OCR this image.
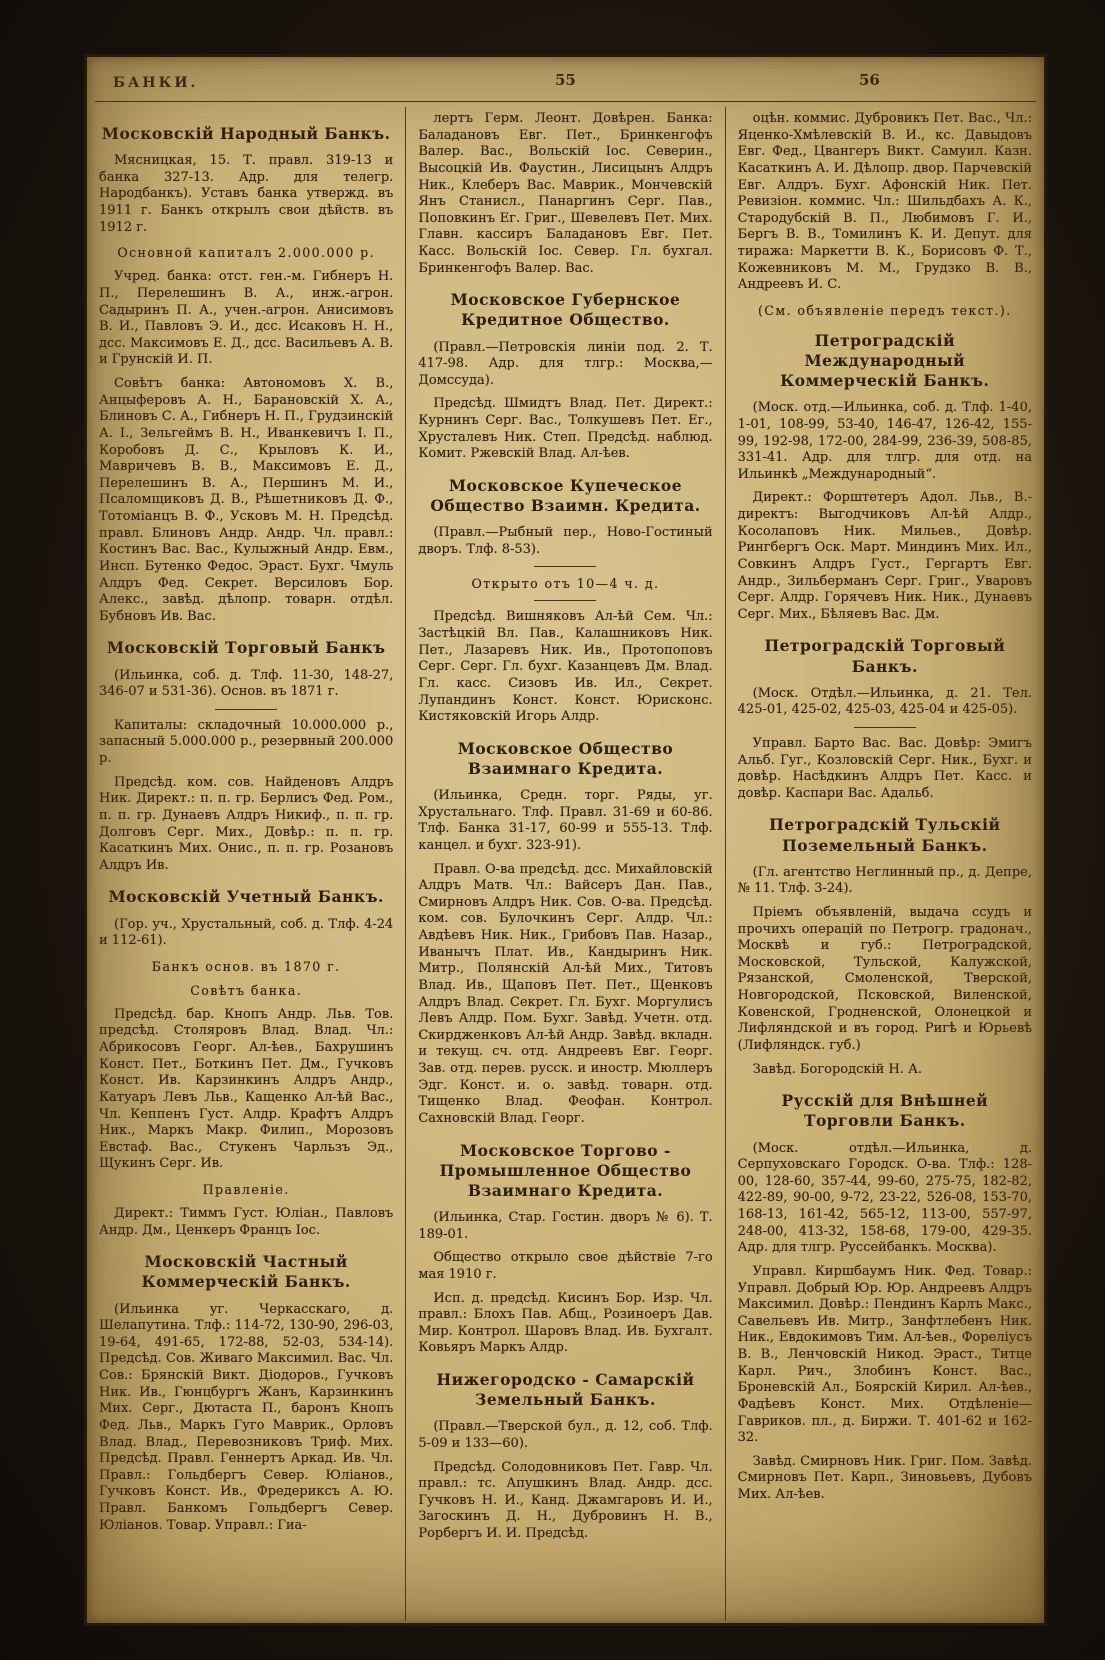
БАНКИ.	55	56
Московскій Народный Банкъ.
Мясницкая, 15. Т. правл. 319-13 и банка 327-13. Адр. для телегр. Народбанкъ). Уставъ банка утвержд. въ 1911 г. Банкъ открылъ свои дѣйств. въ 1912 г.
Основной капиталъ 2.000.000 р.
Учред. банка: отст. ген.-м. Гибнеръ Н. П., Перелешинъ В. А., инж.-агрон. Садыринъ П. А., учен.-агрон. Анисимовъ В. И., Павловъ Э. И., дсс. Исаковъ Н. Н., дсс. Максимовъ Е. Д., дсс. Васильевъ А. В. и Грунскій И. П.
Совѣтъ банка: Автономовъ Х. В., Анцыферовъ А. Н., Барановскій Х. А., Блиновъ С. А., Гибнеръ Н. П., Грудзинскій А. І., Зельгеймъ В. Н., Иванкевичъ І. П., Коробовъ Д. С., Крыловъ К. И., Мавричевъ В. В., Максимовъ Е. Д., Перелешинъ В. А., Першинъ М. И., Псаломщиковъ Д. В., Рѣшетниковъ Д. Ф., Тотоміанцъ В. Ф., Усковъ М. Н. Предсѣд. правл. Блиновъ Андр. Андр. Чл. правл.: Костинъ Вас. Вас., Кулыжный Андр. Евм., Инсп. Бутенко Федос. Эраст. Бухг. Чмуль Алдръ Фед. Секрет. Версиловъ Бор. Алекс., завѣд. дѣлопр. товарн. отдѣл. Бубновъ Ив. Вас.
Московскій Торговый Банкъ
(Ильинка, соб. д. Тлф. 11-30, 148-27, 346-07 и 531-36). Основ. въ 1871 г.
Капиталы: складочный 10.000.000 р., запасный 5.000.000 р., резервный 200.000 р.
Предсѣд. ком. сов. Найденовъ Алдръ Ник. Директ.: п. п. гр. Берлисъ Фед. Ром., п. п. гр. Дунаевъ Алдръ Никиф., п. п. гр. Долговъ Серг. Мих., Довѣр.: п. п. гр. Касаткинъ Мих. Онис., п. п. гр. Розановъ Алдръ Ив.
Московскій Учетный Банкъ.
(Гор. уч., Хрустальный, соб. д. Тлф. 4-24 и 112-61).
Банкъ основ. въ 1870 г.
Совѣтъ банка.
Предсѣд. бар. Кнопъ Андр. Льв. Тов. предсѣд. Столяровъ Влад. Влад. Чл.: Абрикосовъ Георг. Ал-ѣев., Бахрушинъ Конст. Пет., Боткинъ Пет. Дм., Гучковъ Конст. Ив. Карзинкинъ Алдръ Андр., Катуаръ Левъ Льв., Кащенко Ал-ѣй Вас., Чл. Кеппенъ Густ. Алдр. Крафтъ Алдръ Ник., Маркъ Макр. Филип., Морозовъ Евстаф. Вас., Стукенъ Чарльзъ Эд., Щукинъ Серг. Ив.
Правленіе.
Директ.: Тиммъ Густ. Юліан., Павловъ Андр. Дм., Ценкеръ Францъ Іос.
Московскій Частный Коммерческій Банкъ.
(Ильинка уг. Черкасскаго, д. Шелапутина. Тлф.: 114-72, 130-90, 296-03, 19-64, 491-65, 172-88, 52-03, 534-14). Предсѣд. Сов. Живаго Максимил. Вас. Чл. Сов.: Брянскій Викт. Діодоров., Гучковъ Ник. Ив., Гюнцбургъ Жанъ, Карзинкинъ Мих. Серг., Дютаста П., баронъ Кнопъ Фед. Льв., Маркъ Гуго Маврик., Орловъ Влад. Влад., Перевозниковъ Триф. Мих. Предсѣд. Правл. Геннертъ Аркад. Ив. Чл. Правл.: Гольдбергъ Север. Юліанов., Гучковъ Конст. Ив., Фредериксъ А. Ю. Правл. Банкомъ Гольдбергъ Север. Юліанов. Товар. Управл.: Гиа-
лертъ Герм. Леонт. Довѣрен. Банка: Баладановъ Евг. Пет., Бринкенгофъ Валер. Вас., Вольскій Іос. Северин., Высоцкій Ив. Фаустин., Лисицынъ Алдръ Ник., Клеберъ Вас. Маврик., Мончевскій Янъ Станисл., Панаргинъ Серг. Пав., Поповкинъ Ег. Григ., Шевелевъ Пет. Мих. Главн. кассиръ Баладановъ Евг. Пет. Касс. Вольскій Іос. Север. Гл. бухгал. Бринкенгофъ Валер. Вас.
Московское Губернское Кредитное Общество.
(Правл.—Петровскія линіи под. 2. Т. 417-98. Адр. для тлгр.: Москва,—Домссуда).
Предсѣд. Шмидтъ Влад. Пет. Директ.: Курнинъ Серг. Вас., Толкушевъ Пет. Ег., Хрусталевъ Ник. Степ. Предсѣд. наблюд. Комит. Ржевскій Влад. Ал-ѣев.
Московское Купеческое Общество Взаимн. Кредита.
(Правл.—Рыбный пер., Ново-Гостиный дворъ. Тлф. 8-53).
Открыто отъ 10—4 ч. д.
Предсѣд. Вишняковъ Ал-ѣй Сем. Чл.: Застѣцкій Вл. Пав., Калашниковъ Ник. Пет., Лазаревъ Ник. Ив., Протопоповъ Серг. Серг. Гл. бухг. Казанцевъ Дм. Влад. Гл. касс. Сизовъ Ив. Ил., Секрет. Лупандинъ Конст. Конст. Юрисконс. Кистяковскій Игорь Алдр.
Московское Общество Взаимнаго Кредита.
(Ильинка, Средн. торг. Ряды, уг. Хрустальнаго. Тлф. Правл. 31-69 и 60-86. Тлф. Банка 31-17, 60-99 и 555-13. Тлф. канцел. и бухг. 323-91).
Правл. О-ва предсѣд. дсс. Михайловскій Алдръ Матв. Чл.: Вайсеръ Дан. Пав., Смирновъ Алдръ Ник. Сов. О-ва. Предсѣд. ком. сов. Булочкинъ Серг. Алдр. Чл.: Авдѣевъ Ник. Ник., Грибовъ Пав. Назар., Иванычъ Плат. Ив., Кандыринъ Ник. Митр., Полянскій Ал-ѣй Мих., Титовъ Влад. Ив., Щаповъ Пет. Пет., Щенковъ Алдръ Влад. Секрет. Гл. Бухг. Моргулисъ Левъ Алдр. Пом. Бухг. Завѣд. Учетн. отд. Скирдженковъ Ал-ѣй Андр. Завѣд. вкладн. и текущ. сч. отд. Андреевъ Евг. Георг. Зав. отд. перев. русск. и иностр. Мюллеръ Эдг. Конст. и. о. завѣд. товарн. отд. Тищенко Влад. Феофан. Контрол. Сахновскій Влад. Георг.
Московское Торгово - Промышленное Общество Взаимнаго Кредита.
(Ильинка, Стар. Гостин. дворъ № 6). Т. 189-01.
Общество открыло свое дѣйствіе 7-го мая 1910 г.
Исп. д. предсѣд. Кисинъ Бор. Изр. Чл. правл.: Блохъ Пав. Абщ., Розиноеръ Дав. Мир. Контрол. Шаровъ Влад. Ив. Бухгалт. Ковьяръ Маркъ Алдр.
Нижегородско - Самарскій Земельный Банкъ.
(Правл.—Тверской бул., д. 12, соб. Тлф. 5-09 и 133—60).
Предсѣд. Солодовниковъ Пет. Гавр. Чл. правл.: тс. Апушкинъ Влад. Андр. дсс. Гучковъ Н. И., Канд. Джамгаровъ И. И., Загоскинъ Д. Н., Дубровинъ Н. В., Рорбергъ И. И. Предсѣд.
оцѣн. коммис. Дубровикъ Пет. Вас., Чл.: Яценко-Хмѣлевскій В. И., кс. Давыдовъ Евг. Фед., Цвангеръ Викт. Самуил. Казн. Касаткинъ А. И. Дѣлопр. двор. Парчевскій Евг. Алдръ. Бухг. Афонскій Ник. Пет. Ревизіон. коммис. Чл.: Шильдбахъ А. К., Стародубскій В. П., Любимовъ Г. И., Бергъ В. В., Томилинъ К. И. Депут. для тиража: Маркетти В. К., Борисовъ Ф. Т., Кожевниковъ М. М., Грудзко В. В., Андреевъ И. С.
(См. объявленіе передъ текст.).
Петроградскій Международный Коммерческій Банкъ.
(Моск. отд.—Ильинка, соб. д. Тлф. 1-40, 1-01, 108-99, 53-40, 146-47, 126-42, 155-99, 192-98, 172-00, 284-99, 236-39, 508-85, 331-41. Адр. для тлгр. для отд. на Ильинкѣ „Международный“.
Директ.: Форштетеръ Адол. Льв., В.-директъ: Выгодчиковъ Ал-ѣй Алдр., Косолаповъ Ник. Мильев., Довѣр. Рингбергъ Оск. Март. Миндинъ Мих. Ил., Совкинъ Алдръ Густ., Гергартъ Евг. Андр., Зильберманъ Серг. Григ., Уваровъ Серг. Алдр. Горячевъ Ник. Ник., Дунаевъ Серг. Мих., Бѣляевъ Вас. Дм.
Петроградскій Торговый Банкъ.
(Моск. Отдѣл.—Ильинка, д. 21. Тел. 425-01, 425-02, 425-03, 425-04 и 425-05).
Управл. Барто Вас. Вас. Довѣр: Эмигъ Альб. Гуг., Козловскій Серг. Ник., Бухг. и довѣр. Насѣдкинъ Алдръ Пет. Касс. и довѣр. Каспари Вас. Адальб.
Петроградскій Тульскій Поземельный Банкъ.
(Гл. агентство Неглинный пр., д. Депре, № 11. Тлф. 3-24).
Пріемъ объявленій, выдача ссудъ и прочихъ операцій по Петрогр. градонач., Москвѣ и губ.: Петроградской, Московской, Тульской, Калужской, Рязанской, Смоленской, Тверской, Новгородской, Псковской, Виленской, Ковенской, Гродненской, Олонецкой и Лифляндской и въ город. Ригѣ и Юрьевѣ (Лифляндск. губ.)
Завѣд. Богородскій Н. А.
Русскій для Внѣшней Торговли Банкъ.
(Моск. отдѣл.—Ильинка, д. Серпуховскаго Городск. О-ва. Тлф.: 128-00, 128-60, 357-44, 99-60, 275-75, 182-82, 422-89, 90-00, 9-72, 23-22, 526-08, 153-70, 168-13, 161-42, 565-12, 113-00, 557-97, 248-00, 413-32, 158-68, 179-00, 429-35. Адр. для тлгр. Руссейбанкъ. Москва).
Управл. Киршбаумъ Ник. Фед. Товар.: Управл. Добрый Юр. Юр. Андреевъ Алдръ Максимил. Довѣр.: Пендинъ Карлъ Макс., Савельевъ Ив. Митр., Занфтлебенъ Ник. Ник., Евдокимовъ Тим. Ал-ѣев., Фореліусъ В. В., Ленчовскій Никод. Эраст., Титце Карл. Рич., Злобинъ Конст. Вас., Броневскій Ал., Боярскій Кирил. Ал-ѣев., Фадѣевъ Конст. Мих. Отдѣленіе—Гавриков. пл., д. Биржи. Т. 401-62 и 162-32.
Завѣд. Смирновъ Ник. Григ. Пом. Завѣд. Смирновъ Пет. Карп., Зиновьевъ, Дубовъ Мих. Ал-ѣев.
